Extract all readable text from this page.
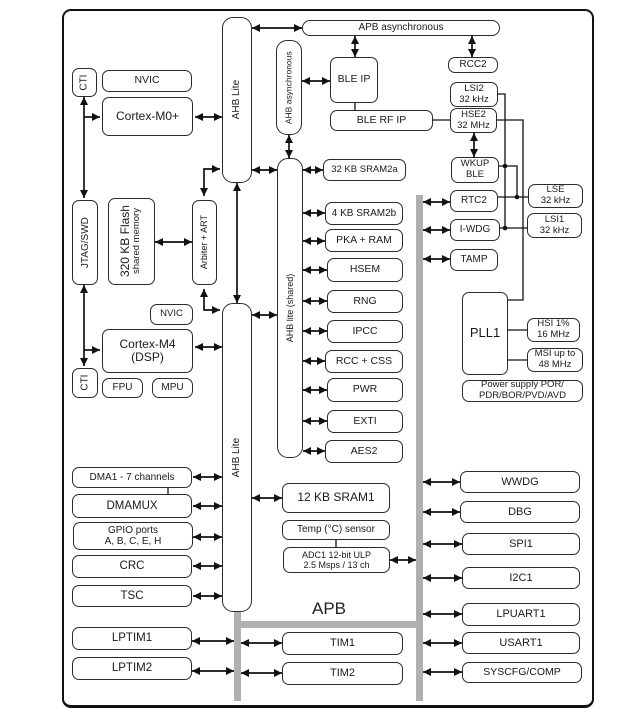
AHB Lite	AHB asynchronous
AHB lite (shared)
AHB Lite
CTI	NVIC
Cortex-M0+
JTAG/SWD 320 KB Flash shared memory	Arbiter + ART
NVIC
Cortex-M4
(DSP)
CTI FPU	MPU
APB asynchronous
BLE IP
BLE RF IP
RCC2
LSI2
32 kHz
HSE2
32 MHz
WKUP
BLE
RTC2
I-WDG
TAMP
LSE
32 kHz
LSI1
32 kHz
PLL1
HSI 1%
16 MHz
MSI up to
48 MHz
Power supply POR/
PDR/BOR/PVD/AVD
32 KB SRAM2a
4 KB SRAM2b
PKA + RAM
HSEM
RNG
IPCC
RCC + CSS
PWR
EXTI
AES2
12 KB SRAM1
Temp (°C) sensor
ADC1 12-bit ULP
2.5 Msps / 13 ch
APB
TIM1
TIM2
DMA1 - 7 channels
DMAMUX
GPIO ports
A, B, C, E, H
CRC
TSC
LPTIM1
LPTIM2
WWDG
DBG
SPI1
I2C1
LPUART1
USART1
SYSCFG/COMP
